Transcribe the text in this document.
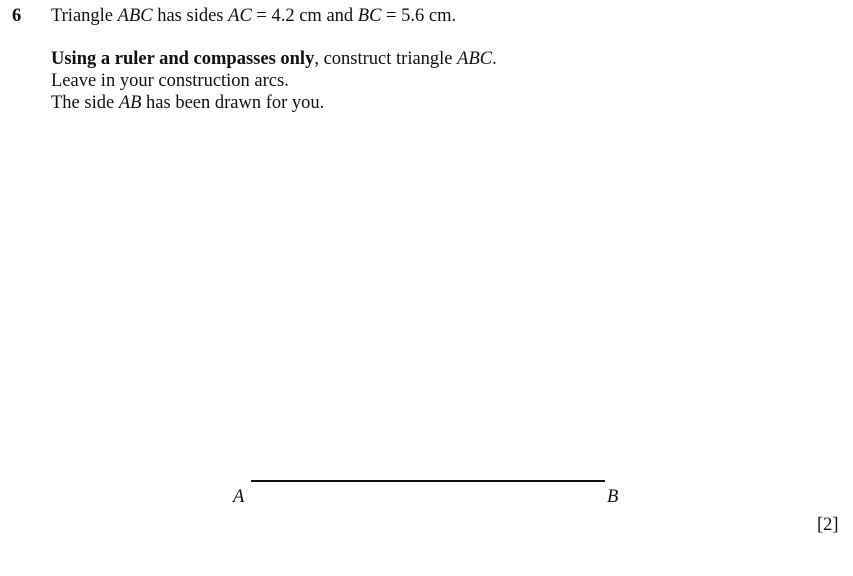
6 Triangle ABC has sides AC = 4.2 cm and BC = 5.6 cm.
Using a ruler and compasses only, construct triangle ABC.
Leave in your construction arcs.
The side AB has been drawn for you.
A	B
[2]
